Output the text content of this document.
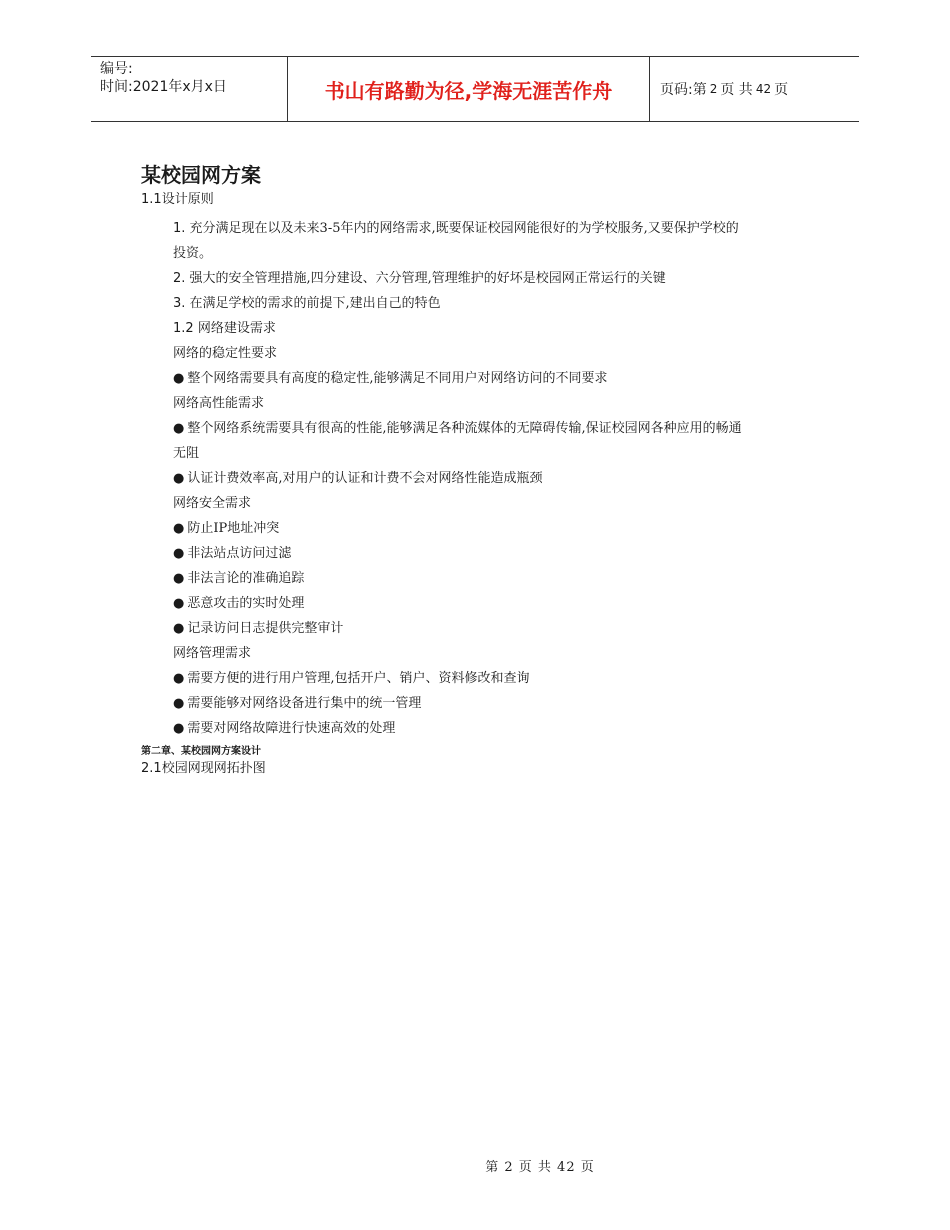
编号:
时间:2021年x月x日	书山有路勤为径,学海无涯苦作舟	页码:第 2 页 共 42 页
某校园网方案

1.1设计原则

1. 充分满足现在以及未来3-5年内的网络需求,既要保证校园网能很好的为学校服务,又要保护学校的

投资。

2. 强大的安全管理措施,四分建设、六分管理,管理维护的好坏是校园网正常运行的关键

3. 在满足学校的需求的前提下,建出自己的特色

1.2 网络建设需求

网络的稳定性要求

● 整个网络需要具有高度的稳定性,能够满足不同用户对网络访问的不同要求

网络高性能需求

● 整个网络系统需要具有很高的性能,能够满足各种流媒体的无障碍传输,保证校园网各种应用的畅通

无阻

● 认证计费效率高,对用户的认证和计费不会对网络性能造成瓶颈

网络安全需求

● 防止IP地址冲突

● 非法站点访问过滤

● 非法言论的准确追踪

● 恶意攻击的实时处理

● 记录访问日志提供完整审计

网络管理需求

● 需要方便的进行用户管理,包括开户、销户、资料修改和查询

● 需要能够对网络设备进行集中的统一管理

● 需要对网络故障进行快速高效的处理

第二章、某校园网方案设计

2.1校园网现网拓扑图

第 2 页 共 42 页
